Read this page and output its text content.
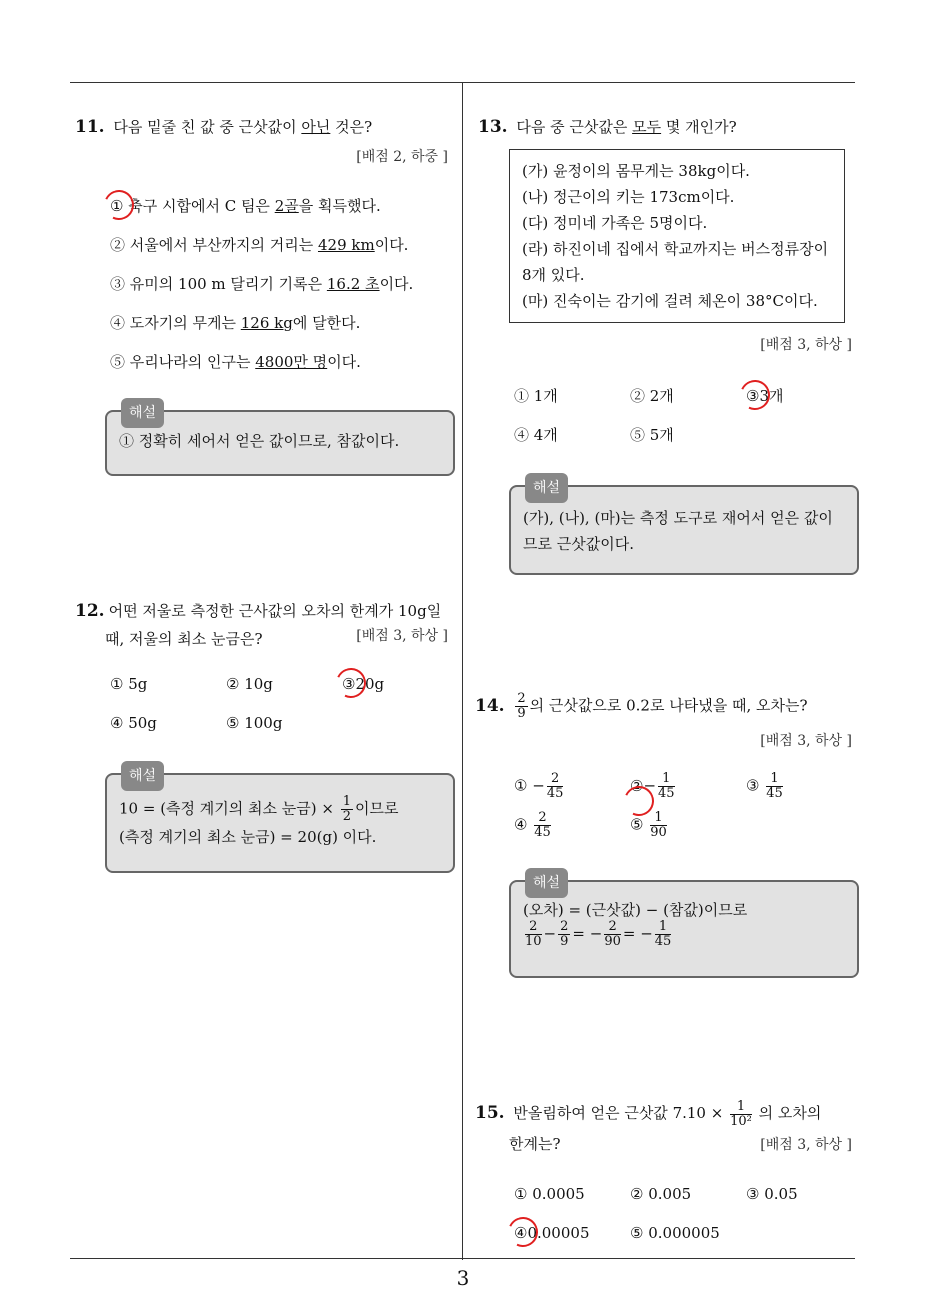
11. 다음 밑줄 친 값 중 근삿값이 아닌 것은?
[배점 2, 하중 ]
① 축구 시합에서 C 팀은 2골을 획득했다.
② 서울에서 부산까지의 거리는 429 km이다.
③ 유미의 100 m 달리기 기록은 16.2 초이다.
④ 도자기의 무게는 126 kg에 달한다.
⑤ 우리나라의 인구는 4800만 명이다.
해설
① 정확히 세어서 얻은 값이므로, 참값이다.
12. 어떤 저울로 측정한 근사값의 오차의 한계가 10g일
때, 저울의 최소 눈금은?	[배점 3, 하상 ]
① 5g	② 10g	③20g
④ 50g	⑤ 100g
해설
10 = (측정 계기의 최소 눈금) × $\frac{1}{2}$ 이므로
(측정 계기의 최소 눈금) = 20(g) 이다.
13. 다음 중 근삿값은 모두 몇 개인가?
(가) 윤정이의 몸무게는 38kg이다.
(나) 정근이의 키는 173cm이다.
(다) 정미네 가족은 5명이다.
(라) 하진이네 집에서 학교까지는 버스정류장이
8개 있다.
(마) 진숙이는 감기에 걸려 체온이 38°C이다.
[배점 3, 하상 ]
① 1개	② 2개	③3개
④ 4개	⑤ 5개
해설
(가), (나), (마)는 측정 도구로 재어서 얻은 값이
므로 근삿값이다.
14. $\frac{2}{9}$ 의 근삿값으로 0.2로 나타냈을 때, 오차는?
[배점 3, 하상 ]
① − $\frac{2}{45}$	②− $\frac{1}{45}$	③ $\frac{1}{45}$
④ $\frac{2}{45}$	⑤ $\frac{1}{90}$
해설
(오차) = (근삿값) − (참값)이므로
$\frac{2}{10} - \frac{2}{9}$ = − $\frac{2}{90}$ = − $\frac{1}{45}$
15. 반올림하여 얻은 근삿값 $7.10 \times \frac{1}{\text{10²}}$ 의 오차의
한계는?	[배점 3, 하상 ]
① 0.0005	② 0.005	③ 0.05
④0.00005	⑤ 0.000005
3
